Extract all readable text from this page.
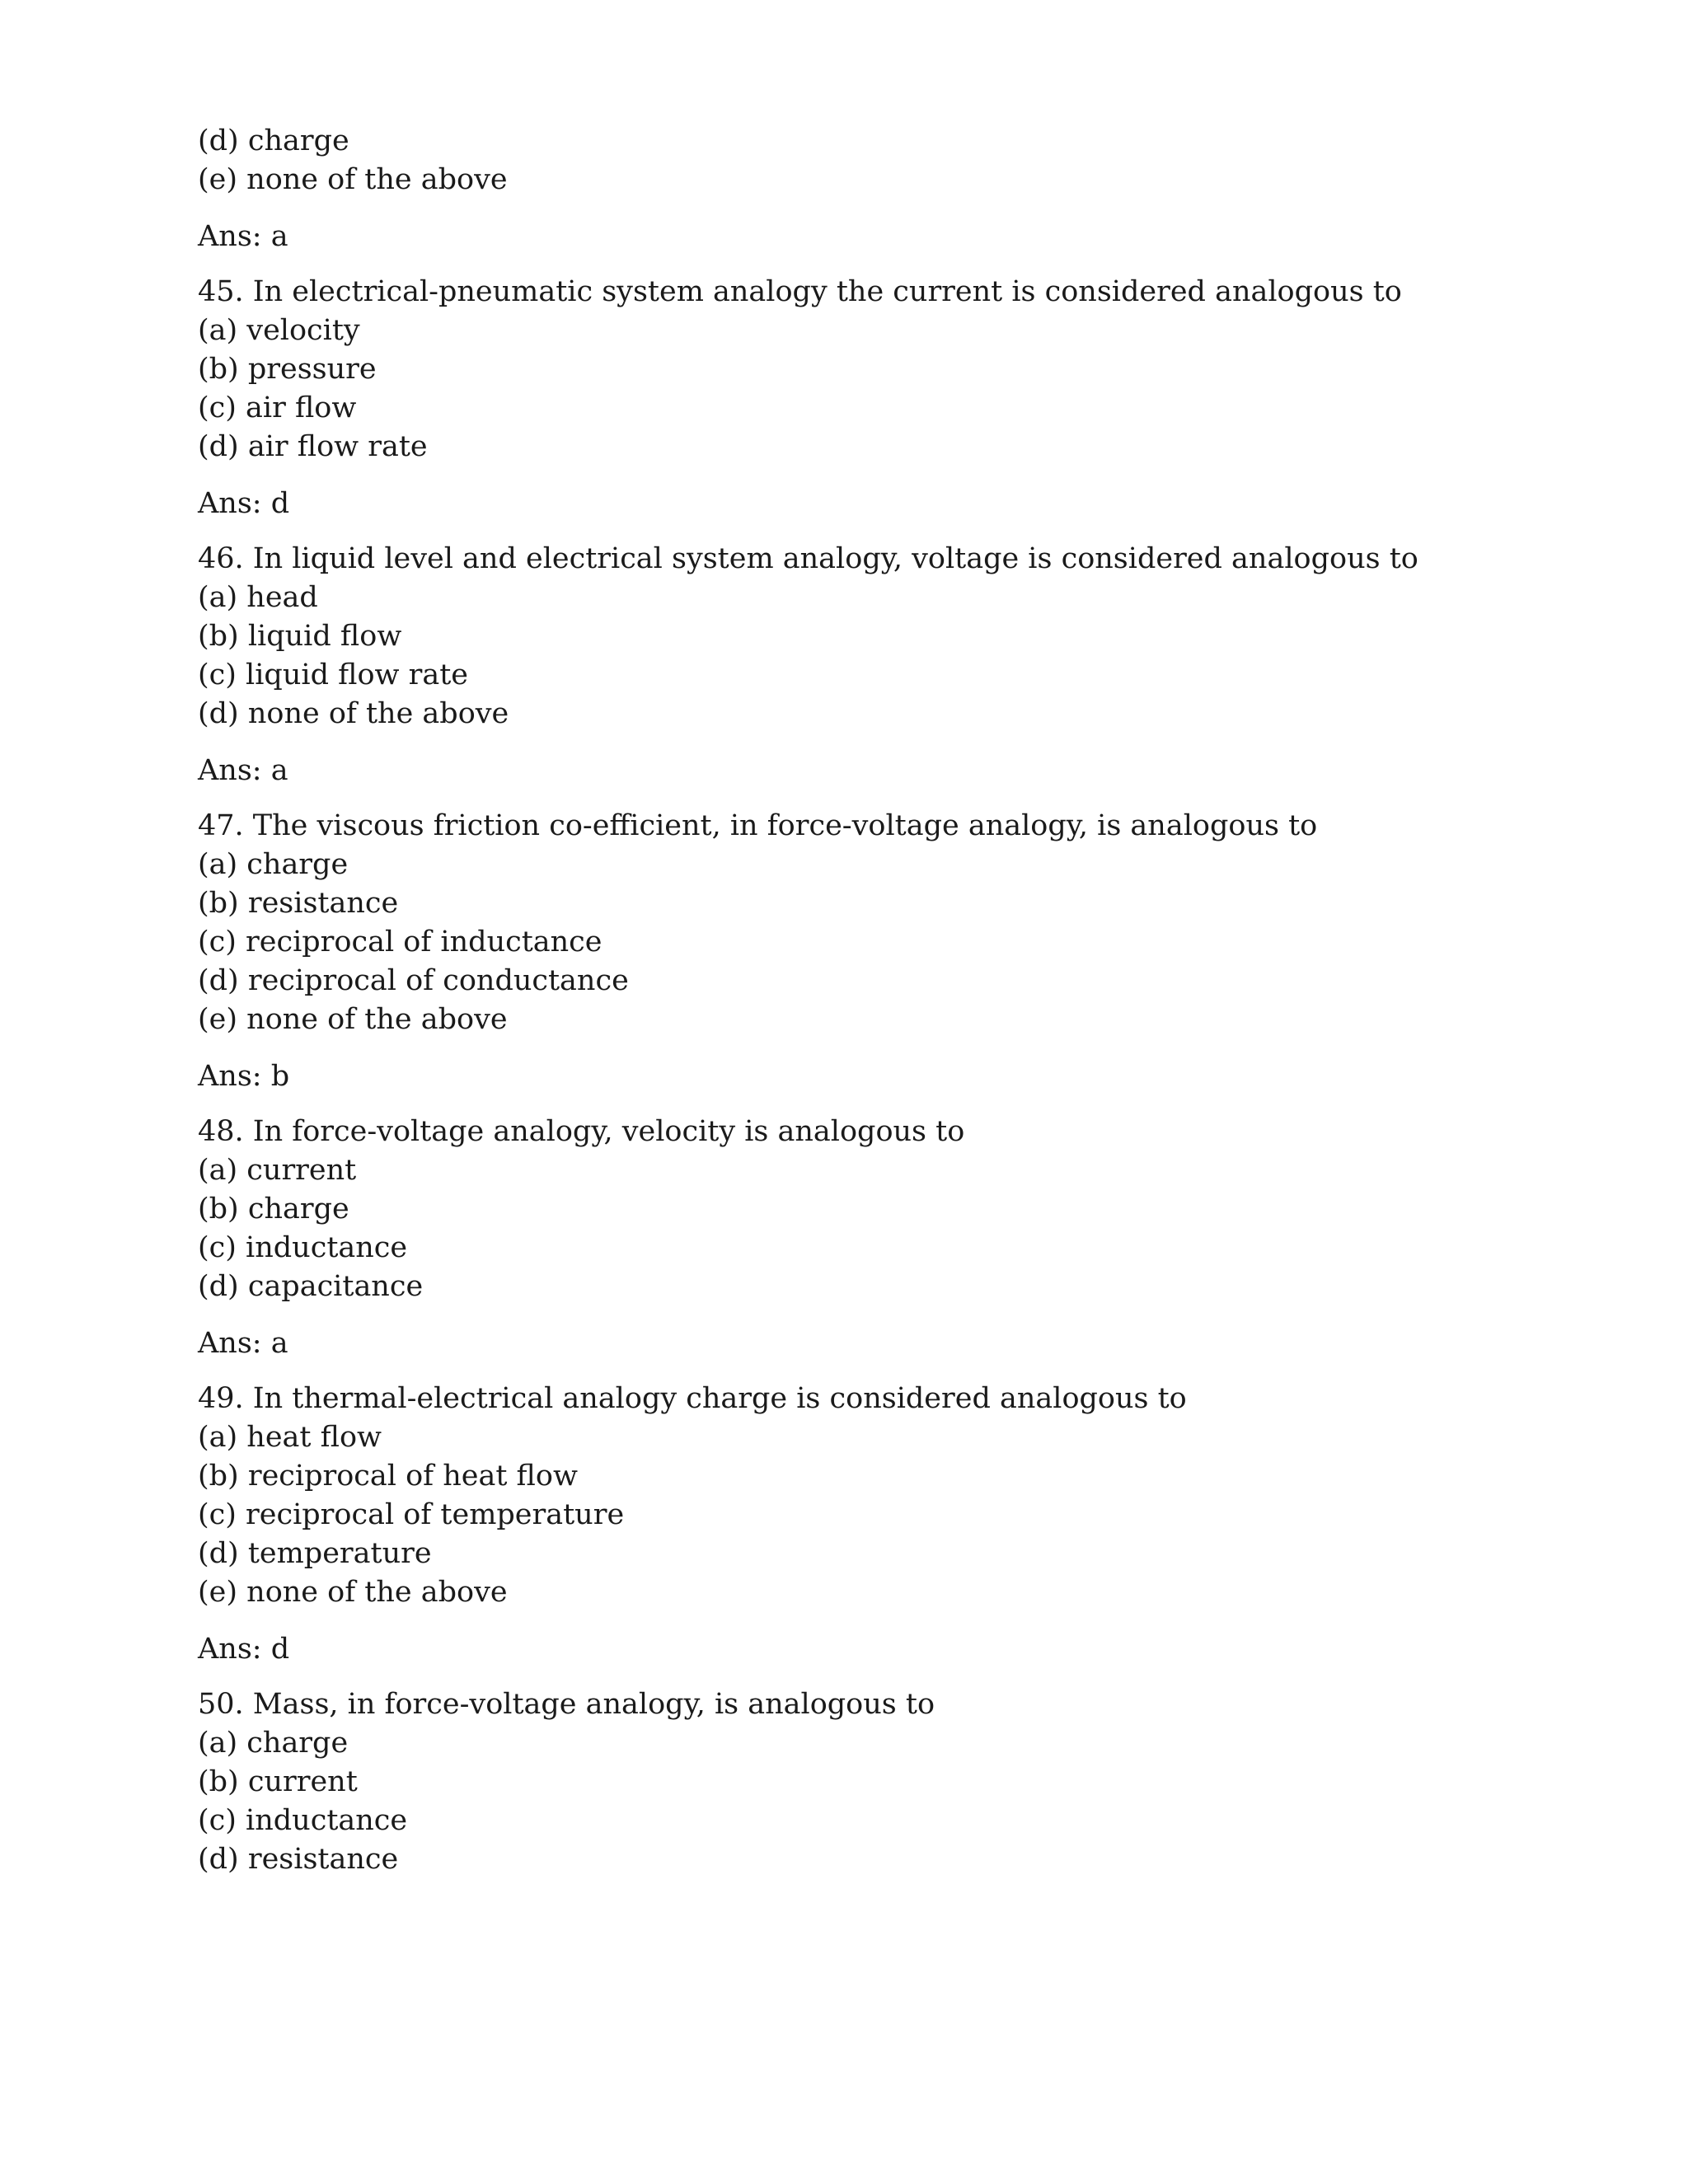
(d) charge
(e) none of the above
Ans: a
45. In electrical-pneumatic system analogy the current is considered analogous to
(a) velocity
(b) pressure
(c) air flow
(d) air flow rate
Ans: d
46. In liquid level and electrical system analogy, voltage is considered analogous to
(a) head
(b) liquid flow
(c) liquid flow rate
(d) none of the above
Ans: a
47. The viscous friction co-efficient, in force-voltage analogy, is analogous to
(a) charge
(b) resistance
(c) reciprocal of inductance
(d) reciprocal of conductance
(e) none of the above
Ans: b
48. In force-voltage analogy, velocity is analogous to
(a) current
(b) charge
(c) inductance
(d) capacitance
Ans: a
49. In thermal-electrical analogy charge is considered analogous to
(a) heat flow
(b) reciprocal of heat flow
(c) reciprocal of temperature
(d) temperature
(e) none of the above
Ans: d
50. Mass, in force-voltage analogy, is analogous to
(a) charge
(b) current
(c) inductance
(d) resistance
